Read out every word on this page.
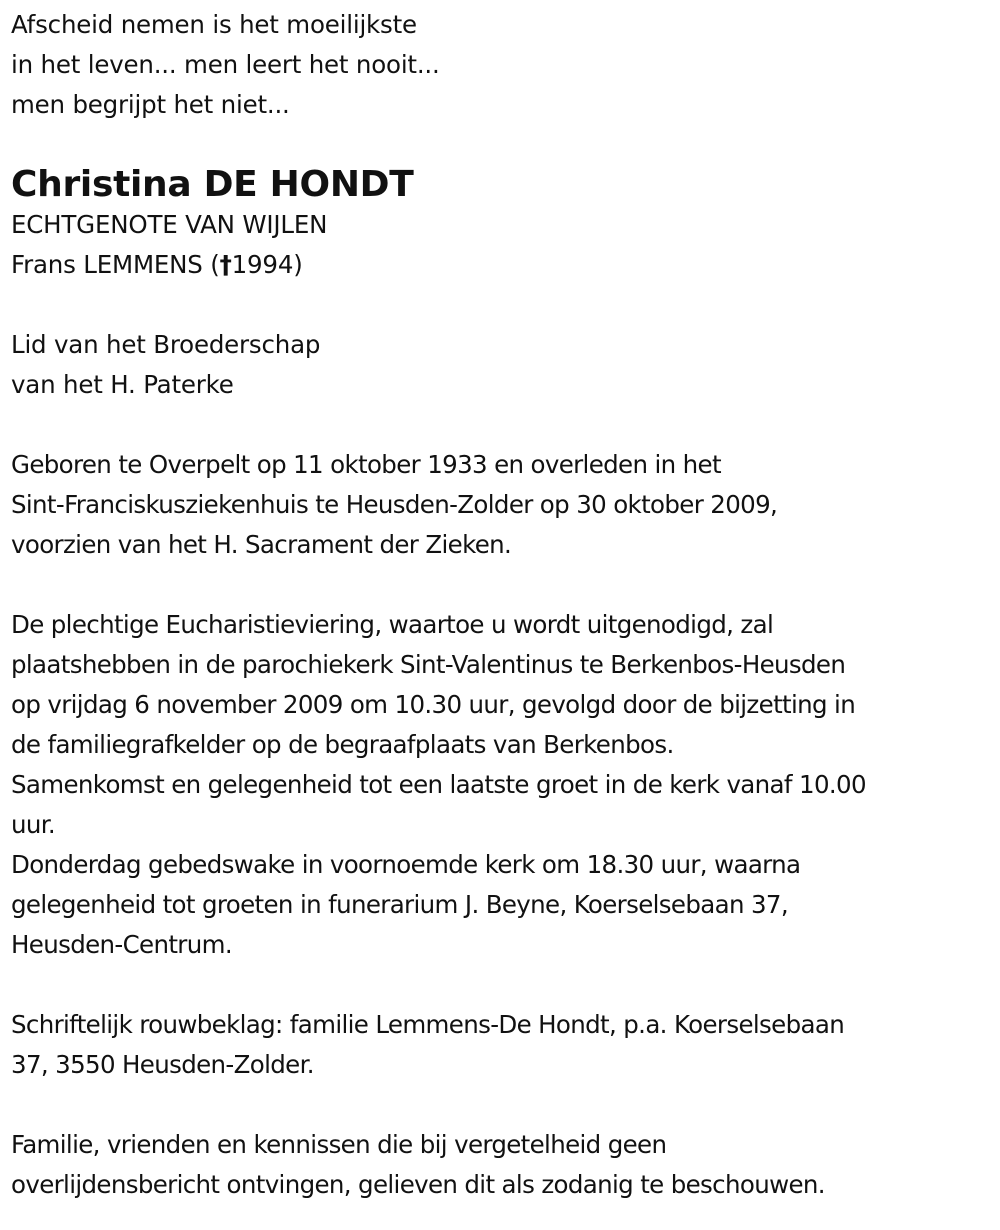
Afscheid nemen is het moeilijkste
in het leven... men leert het nooit...
men begrijpt het niet...
Christina DE HONDT
ECHTGENOTE VAN WIJLEN
Frans LEMMENS (†1994)
Lid van het Broederschap
van het H. Paterke
Geboren te Overpelt op 11 oktober 1933 en overleden in het
Sint-Franciskusziekenhuis te Heusden-Zolder op 30 oktober 2009,
voorzien van het H. Sacrament der Zieken.
De plechtige Eucharistieviering, waartoe u wordt uitgenodigd, zal
plaatshebben in de parochiekerk Sint-Valentinus te Berkenbos-Heusden
op vrijdag 6 november 2009 om 10.30 uur, gevolgd door de bijzetting in
de familiegrafkelder op de begraafplaats van Berkenbos.
Samenkomst en gelegenheid tot een laatste groet in de kerk vanaf 10.00
uur.
Donderdag gebedswake in voornoemde kerk om 18.30 uur, waarna
gelegenheid tot groeten in funerarium J. Beyne, Koerselsebaan 37,
Heusden-Centrum.
Schriftelijk rouwbeklag: familie Lemmens-De Hondt, p.a. Koerselsebaan
37, 3550 Heusden-Zolder.
Familie, vrienden en kennissen die bij vergetelheid geen
overlijdensbericht ontvingen, gelieven dit als zodanig te beschouwen.
